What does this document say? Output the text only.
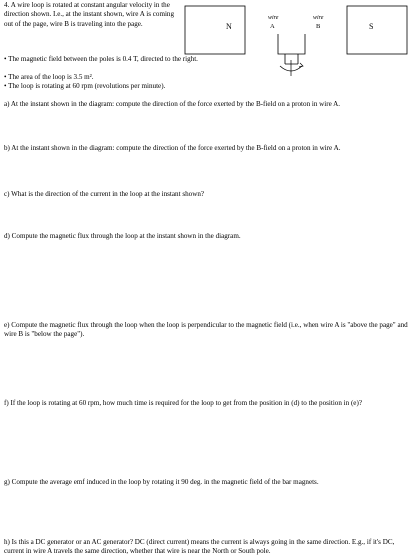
4. A wire loop is rotated at constant angular velocity in the direction shown. I.e., at the instant shown, wire A is coming out of the page, wire B is traveling into the page.
• The magnetic field between the poles is 0.4 T, directed to the right.
• The area of the loop is 3.5 m².
• The loop is rotating at 60 rpm (revolutions per minute).
N	S
wire
A
wire
B
a) At the instant shown in the diagram: compute the direction of the force exerted by the B-field on a proton in wire A.
b) At the instant shown in the diagram: compute the direction of the force exerted by the B-field on a proton in wire A.
c) What is the direction of the current in the loop at the instant shown?
d) Compute the magnetic flux through the loop at the instant shown in the diagram.
e) Compute the magnetic flux through the loop when the loop is perpendicular to the magnetic field (i.e., when wire A is "above the page" and wire B is "below the page").
f) If the loop is rotating at 60 rpm, how much time is required for the loop to get from the position in (d) to the position in (e)?
g) Compute the average emf induced in the loop by rotating it 90 deg. in the magnetic field of the bar magnets.
h) Is this a DC generator or an AC generator? DC (direct current) means the current is always going in the same direction. E.g., if it's DC, current in wire A travels the same direction, whether that wire is near the North or South pole.
